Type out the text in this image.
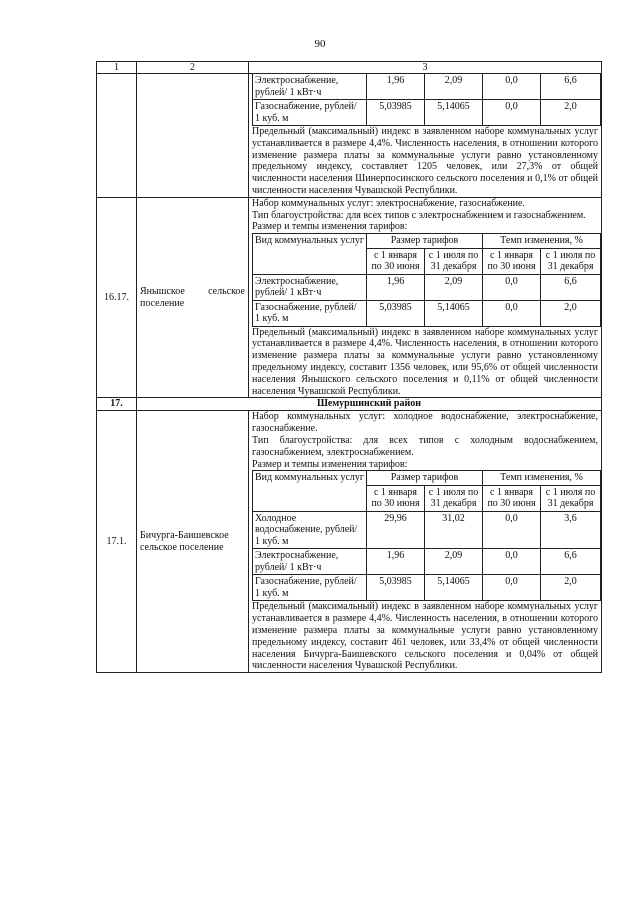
90
1	2	3

Электроснабжение, рублей/ 1 кВт·ч	1,96	2,09	0,0	6,6
Газоснабжение, рублей/ 1 куб. м	5,03985	5,14065	0,0	2,0

Предельный (максимальный) индекс в заявленном наборе коммунальных услуг устанавливается в размере 4,4%. Численность населения, в отношении которого изменение размера платы за коммунальные услуги равно установленному предельному индексу, составляет 1205 человек, или 27,3% от общей численности населения Шинерпосинского сельского поселения и 0,1% от общей численности населения Чувашской Республики.

16.17.	Янышское сельское поселение	

Набор коммунальных услуг: электроснабжение, газоснабжение.

Тип благоустройства: для всех типов с электроснабжением и газоснабжением.

Размер и темпы изменения тарифов:

Вид коммунальных услуг	Размер тарифов	Темп изменения, %
с 1 января по 30 июня	с 1 июля по 31 декабря	с 1 января по 30 июня	с 1 июля по 31 декабря
Электроснабжение, рублей/ 1 кВт·ч	1,96	2,09	0,0	6,6
Газоснабжение, рублей/ 1 куб. м	5,03985	5,14065	0,0	2,0

Предельный (максимальный) индекс в заявленном наборе коммунальных услуг устанавливается в размере 4,4%. Численность населения, в отношении которого изменение размера платы за коммунальные услуги равно установленному предельному индексу, составит 1356 человек, или 95,6% от общей численности населения Янышского сельского поселения и 0,11% от общей численности населения Чувашской Республики.

17.	Шемуршинский район
17.1.	Бичурга-Баишевское сельское поселение	

Набор коммунальных услуг: холодное водоснабжение, электроснабжение, газоснабжение.

Тип благоустройства: для всех типов с холодным водоснабжением, газоснабжением, электроснабжением.

Размер и темпы изменения тарифов:

Вид коммунальных услуг	Размер тарифов	Темп изменения, %
с 1 января по 30 июня	с 1 июля по 31 декабря	с 1 января по 30 июня	с 1 июля по 31 декабря
Холодное водоснабжение, рублей/ 1 куб. м	29,96	31,02	0,0	3,6
Электроснабжение, рублей/ 1 кВт·ч	1,96	2,09	0,0	6,6
Газоснабжение, рублей/ 1 куб. м	5,03985	5,14065	0,0	2,0

Предельный (максимальный) индекс в заявленном наборе коммунальных услуг устанавливается в размере 4,4%. Численность населения, в отношении которого изменение размера платы за коммунальные услуги равно установленному предельному индексу, составит 461 человек, или 33,4% от общей численности населения Бичурга-Баишевского сельского поселения и 0,04% от общей численности населения Чувашской Республики.
